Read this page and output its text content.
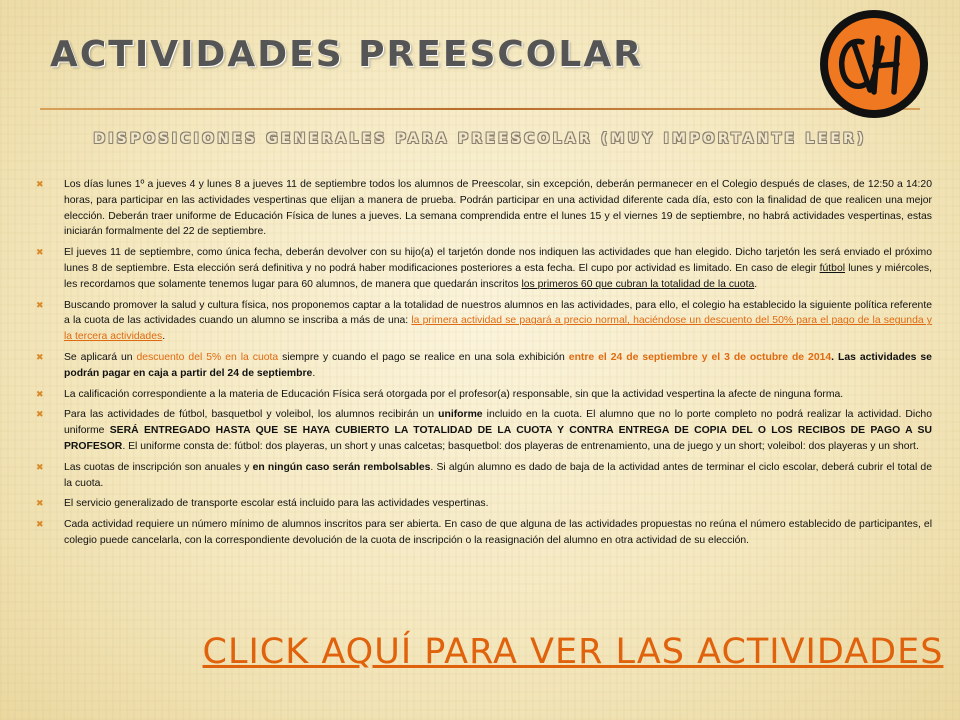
ACTIVIDADES PREESCOLAR
DISPOSICIONES GENERALES PARA PREESCOLAR (MUY IMPORTANTE LEER)
✖ Los días lunes 1º a jueves 4 y lunes 8 a jueves 11 de septiembre todos los alumnos de Preescolar, sin excepción, deberán permanecer en el Colegio después de clases, de 12:50 a 14:20 horas, para participar en las actividades vespertinas que elijan a manera de prueba. Podrán participar en una actividad diferente cada día, esto con la finalidad de que realicen una mejor elección. Deberán traer uniforme de Educación Física de lunes a jueves. La semana comprendida entre el lunes 15 y el viernes 19 de septiembre, no habrá actividades vespertinas, estas iniciarán formalmente del 22 de septiembre.
✖ El jueves 11 de septiembre, como única fecha, deberán devolver con su hijo(a) el tarjetón donde nos indiquen las actividades que han elegido. Dicho tarjetón les será enviado el próximo lunes 8 de septiembre. Esta elección será definitiva y no podrá haber modificaciones posteriores a esta fecha. El cupo por actividad es limitado. En caso de elegir fútbol lunes y miércoles, les recordamos que solamente tenemos lugar para 60 alumnos, de manera que quedarán inscritos los primeros 60 que cubran la totalidad de la cuota.
✖ Buscando promover la salud y cultura física, nos proponemos captar a la totalidad de nuestros alumnos en las actividades, para ello, el colegio ha establecido la siguiente política referente a la cuota de las actividades cuando un alumno se inscriba a más de una: la primera actividad se pagará a precio normal, haciéndose un descuento del 50% para el pago de la segunda y la tercera actividades.
✖ Se aplicará un descuento del 5% en la cuota siempre y cuando el pago se realice en una sola exhibición entre el 24 de septiembre y el 3 de octubre de 2014. Las actividades se podrán pagar en caja a partir del 24 de septiembre.
✖ La calificación correspondiente a la materia de Educación Física será otorgada por el profesor(a) responsable, sin que la actividad vespertina la afecte de ninguna forma.
✖ Para las actividades de fútbol, basquetbol y voleibol, los alumnos recibirán un uniforme incluido en la cuota. El alumno que no lo porte completo no podrá realizar la actividad. Dicho uniforme SERÁ ENTREGADO HASTA QUE SE HAYA CUBIERTO LA TOTALIDAD DE LA CUOTA Y CONTRA ENTREGA DE COPIA DEL O LOS RECIBOS DE PAGO A SU PROFESOR. El uniforme consta de: fútbol: dos playeras, un short y unas calcetas; basquetbol: dos playeras de entrenamiento, una de juego y un short; voleibol: dos playeras y un short.
✖ Las cuotas de inscripción son anuales y en ningún caso serán rembolsables. Si algún alumno es dado de baja de la actividad antes de terminar el ciclo escolar, deberá cubrir el total de la cuota.
✖ El servicio generalizado de transporte escolar está incluido para las actividades vespertinas.
✖ Cada actividad requiere un número mínimo de alumnos inscritos para ser abierta. En caso de que alguna de las actividades propuestas no reúna el número establecido de participantes, el colegio puede cancelarla, con la correspondiente devolución de la cuota de inscripción o la reasignación del alumno en otra actividad de su elección.
CLICK AQUÍ PARA VER LAS ACTIVIDADES
